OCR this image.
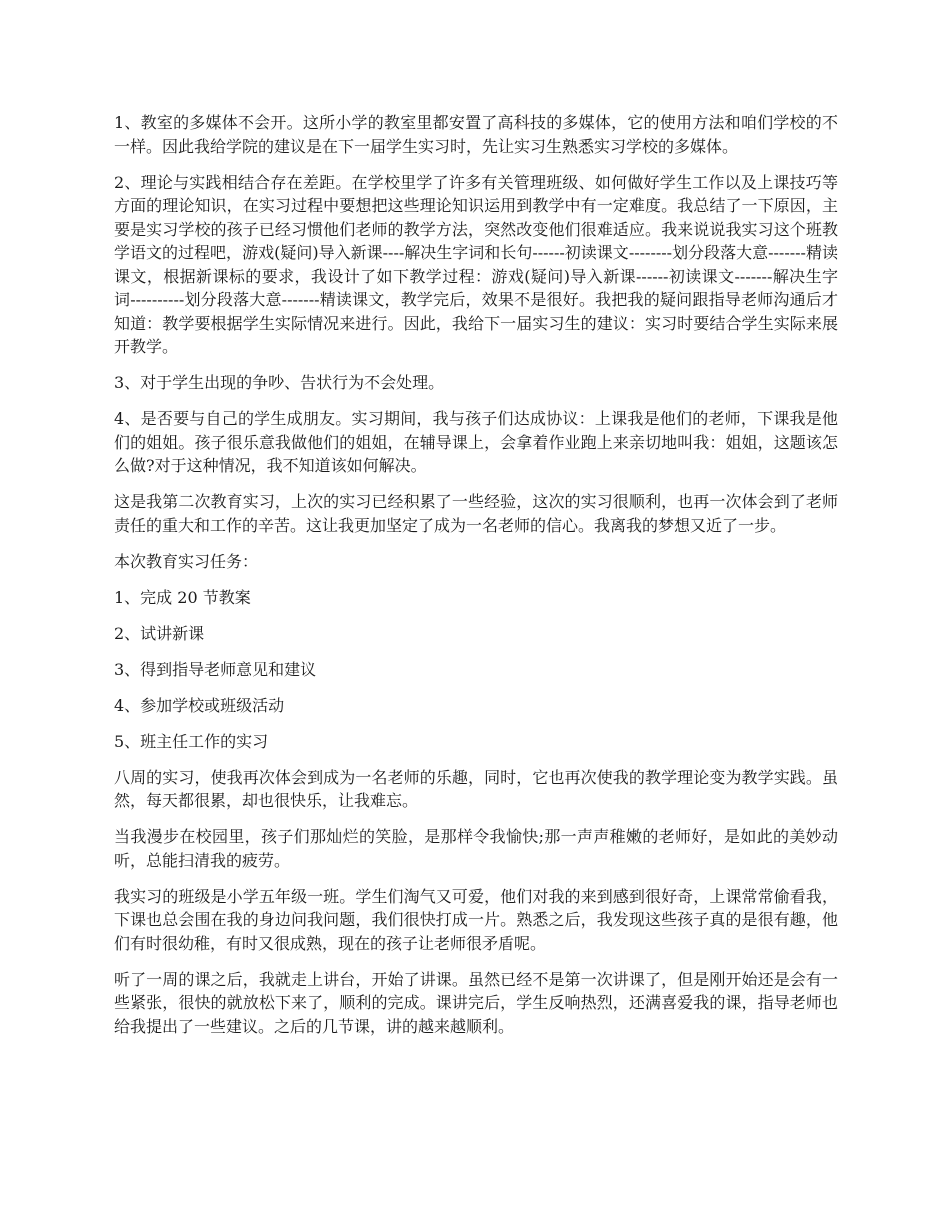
1、教室的多媒体不会开。这所小学的教室里都安置了高科技的多媒体，它的使用方法和咱们学校的不一样。因此我给学院的建议是在下一届学生实习时，先让实习生熟悉实习学校的多媒体。

2、理论与实践相结合存在差距。在学校里学了许多有关管理班级、如何做好学生工作以及上课技巧等方面的理论知识，在实习过程中要想把这些理论知识运用到教学中有一定难度。我总结了一下原因，主要是实习学校的孩子已经习惯他们老师的教学方法，突然改变他们很难适应。我来说说我实习这个班教学语文的过程吧，游戏(疑问)导入新课----解决生字词和长句------初读课文--------划分段落大意-------精读课文，根据新课标的要求，我设计了如下教学过程：游戏(疑问)导入新课------初读课文-------解决生字词----------划分段落大意-------精读课文，教学完后，效果不是很好。我把我的疑问跟指导老师沟通后才知道：教学要根据学生实际情况来进行。因此，我给下一届实习生的建议：实习时要结合学生实际来展开教学。

3、对于学生出现的争吵、告状行为不会处理。

4、是否要与自己的学生成朋友。实习期间，我与孩子们达成协议：上课我是他们的老师，下课我是他们的姐姐。孩子很乐意我做他们的姐姐，在辅导课上，会拿着作业跑上来亲切地叫我：姐姐，这题该怎么做?对于这种情况，我不知道该如何解决。

这是我第二次教育实习，上次的实习已经积累了一些经验，这次的实习很顺利，也再一次体会到了老师责任的重大和工作的辛苦。这让我更加坚定了成为一名老师的信心。我离我的梦想又近了一步。

本次教育实习任务：

1、完成 20 节教案

2、试讲新课

3、得到指导老师意见和建议

4、参加学校或班级活动

5、班主任工作的实习

八周的实习，使我再次体会到成为一名老师的乐趣，同时，它也再次使我的教学理论变为教学实践。虽然，每天都很累，却也很快乐，让我难忘。

当我漫步在校园里，孩子们那灿烂的笑脸，是那样令我愉快;那一声声稚嫩的老师好，是如此的美妙动听，总能扫清我的疲劳。

我实习的班级是小学五年级一班。学生们淘气又可爱，他们对我的来到感到很好奇，上课常常偷看我，下课也总会围在我的身边问我问题，我们很快打成一片。熟悉之后，我发现这些孩子真的是很有趣，他们有时很幼稚，有时又很成熟，现在的孩子让老师很矛盾呢。

听了一周的课之后，我就走上讲台，开始了讲课。虽然已经不是第一次讲课了，但是刚开始还是会有一些紧张，很快的就放松下来了，顺利的完成。课讲完后，学生反响热烈，还满喜爱我的课，指导老师也给我提出了一些建议。之后的几节课，讲的越来越顺利。
